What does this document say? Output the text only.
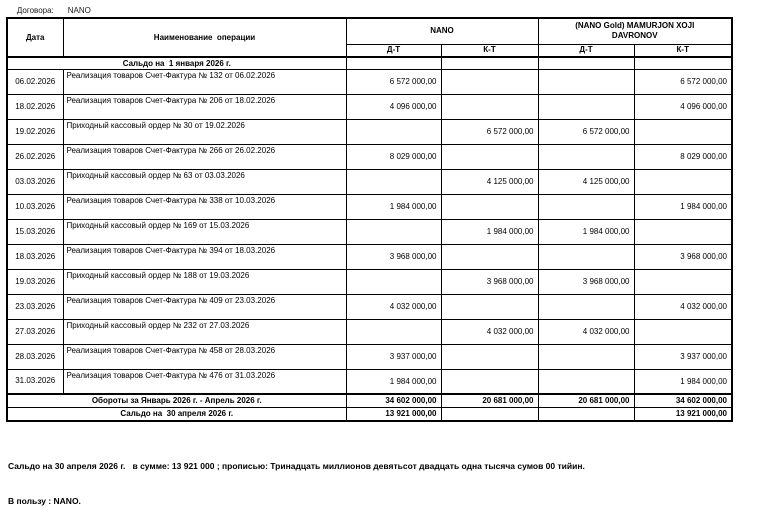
Договора: NANO

Дата	Наименование  операции	NANO		(NANO Gold) MAMURJON XOJI DAVRONOV	
		Д-Т	К-Т	Д-Т	К-Т
Сальдо на  1 января 2026 г.					
06.02.2026	Реализация товаров Счет-Фактура № 132 от 06.02.2026	6 572 000,00			6 572 000,00
18.02.2026	Реализация товаров Счет-Фактура № 206 от 18.02.2026	4 096 000,00			4 096 000,00
19.02.2026	Приходный кассовый ордер № 30 от 19.02.2026		6 572 000,00	6 572 000,00	
26.02.2026	Реализация товаров Счет-Фактура № 266 от 26.02.2026	8 029 000,00			8 029 000,00
03.03.2026	Приходный кассовый ордер № 63 от 03.03.2026		4 125 000,00	4 125 000,00	
10.03.2026	Реализация товаров Счет-Фактура № 338 от 10.03.2026	1 984 000,00			1 984 000,00
15.03.2026	Приходный кассовый ордер № 169 от 15.03.2026		1 984 000,00	1 984 000,00	
18.03.2026	Реализация товаров Счет-Фактура № 394 от 18.03.2026	3 968 000,00			3 968 000,00
19.03.2026	Приходный кассовый ордер № 188 от 19.03.2026		3 968 000,00	3 968 000,00	
23.03.2026	Реализация товаров Счет-Фактура № 409 от 23.03.2026	4 032 000,00			4 032 000,00
27.03.2026	Приходный кассовый ордер № 232 от 27.03.2026		4 032 000,00	4 032 000,00	
28.03.2026	Реализация товаров Счет-Фактура № 458 от 28.03.2026	3 937 000,00			3 937 000,00
31.03.2026	Реализация товаров Счет-Фактура № 476 от 31.03.2026	1 984 000,00			1 984 000,00
Обороты за Январь 2026 г. - Апрель 2026 г.		34 602 000,00	20 681 000,00	20 681 000,00	34 602 000,00
Сальдо на  30 апреля 2026 г.		13 921 000,00			13 921 000,00

Сальдо на 30 апреля 2026 г.   в сумме: 13 921 000 ; прописью: Тринадцать миллионов девятьсот двадцать одна тысяча сумов 00 тийин.

В пользу : NANO.
